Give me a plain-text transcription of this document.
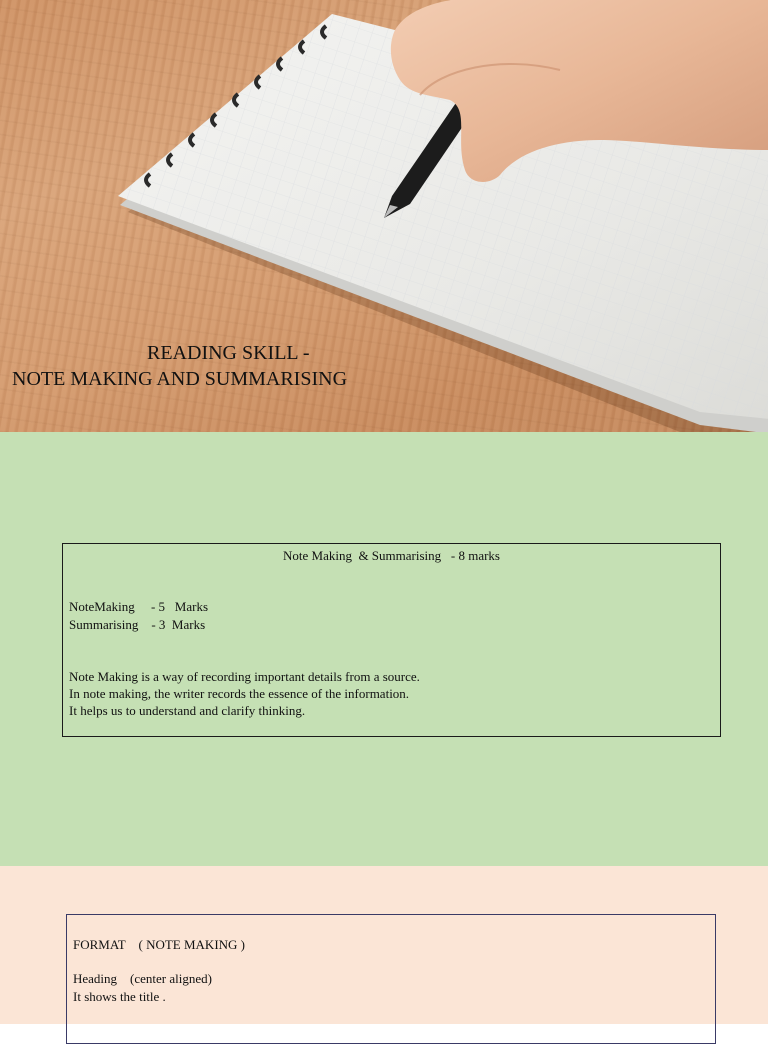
READING SKILL -
NOTE MAKING AND SUMMARISING
Note Making  & Summarising   - 8 marks
NoteMaking     - 5   Marks
Summarising    - 3  Marks
Note Making is a way of recording important details from a source.
In note making, the writer records the essence of the information.
It helps us to understand and clarify thinking.
FORMAT    ( NOTE MAKING )
Heading    (center aligned)
It shows the title .
